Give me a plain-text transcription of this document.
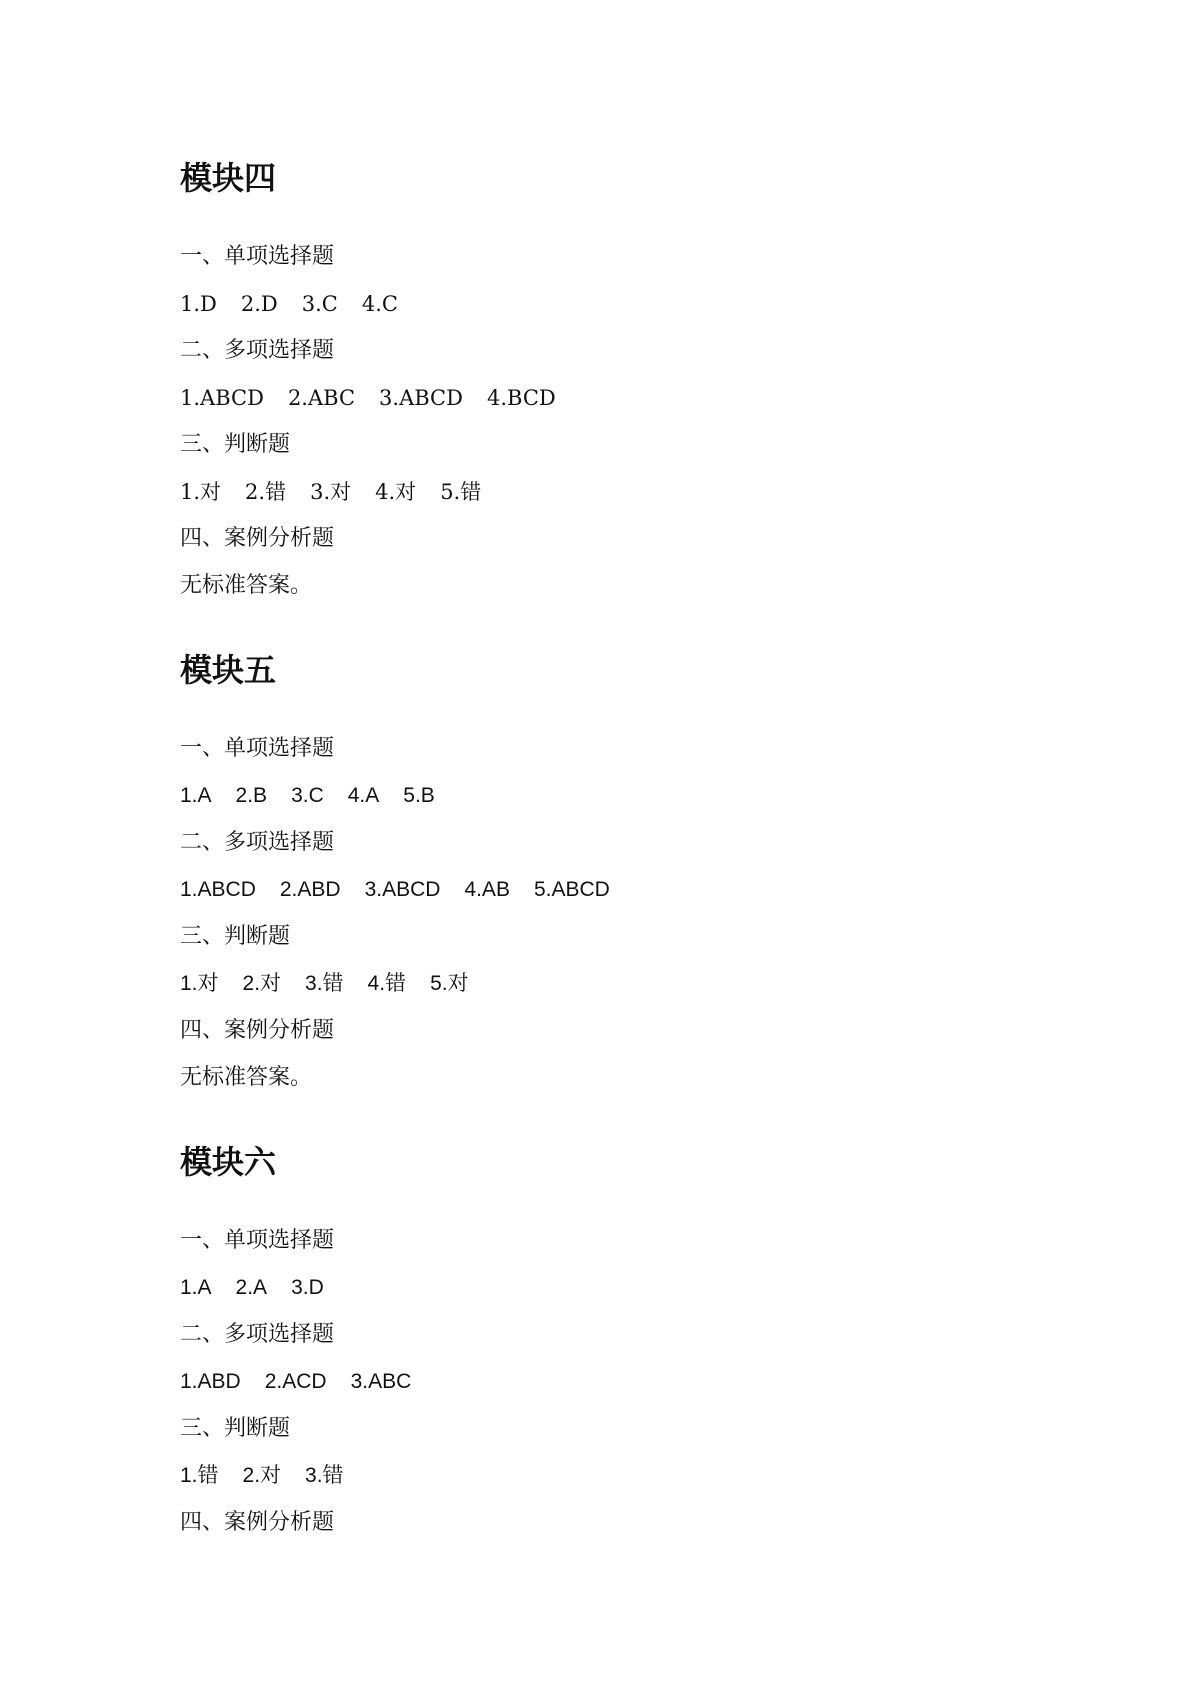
模块四
一、单项选择题
1.D 2.D 3.C 4.C
二、多项选择题
1.ABCD 2.ABC 3.ABCD 4.BCD
三、判断题
1.对 2.错 3.对 4.对 5.错
四、案例分析题
无标准答案。
模块五
一、单项选择题
1.A 2.B 3.C 4.A 5.B
二、多项选择题
1.ABCD 2.ABD 3.ABCD 4.AB 5.ABCD
三、判断题
1.对 2.对 3.错 4.错 5.对
四、案例分析题
无标准答案。
模块六
一、单项选择题
1.A 2.A 3.D
二、多项选择题
1.ABD 2.ACD 3.ABC
三、判断题
1.错 2.对 3.错
四、案例分析题
